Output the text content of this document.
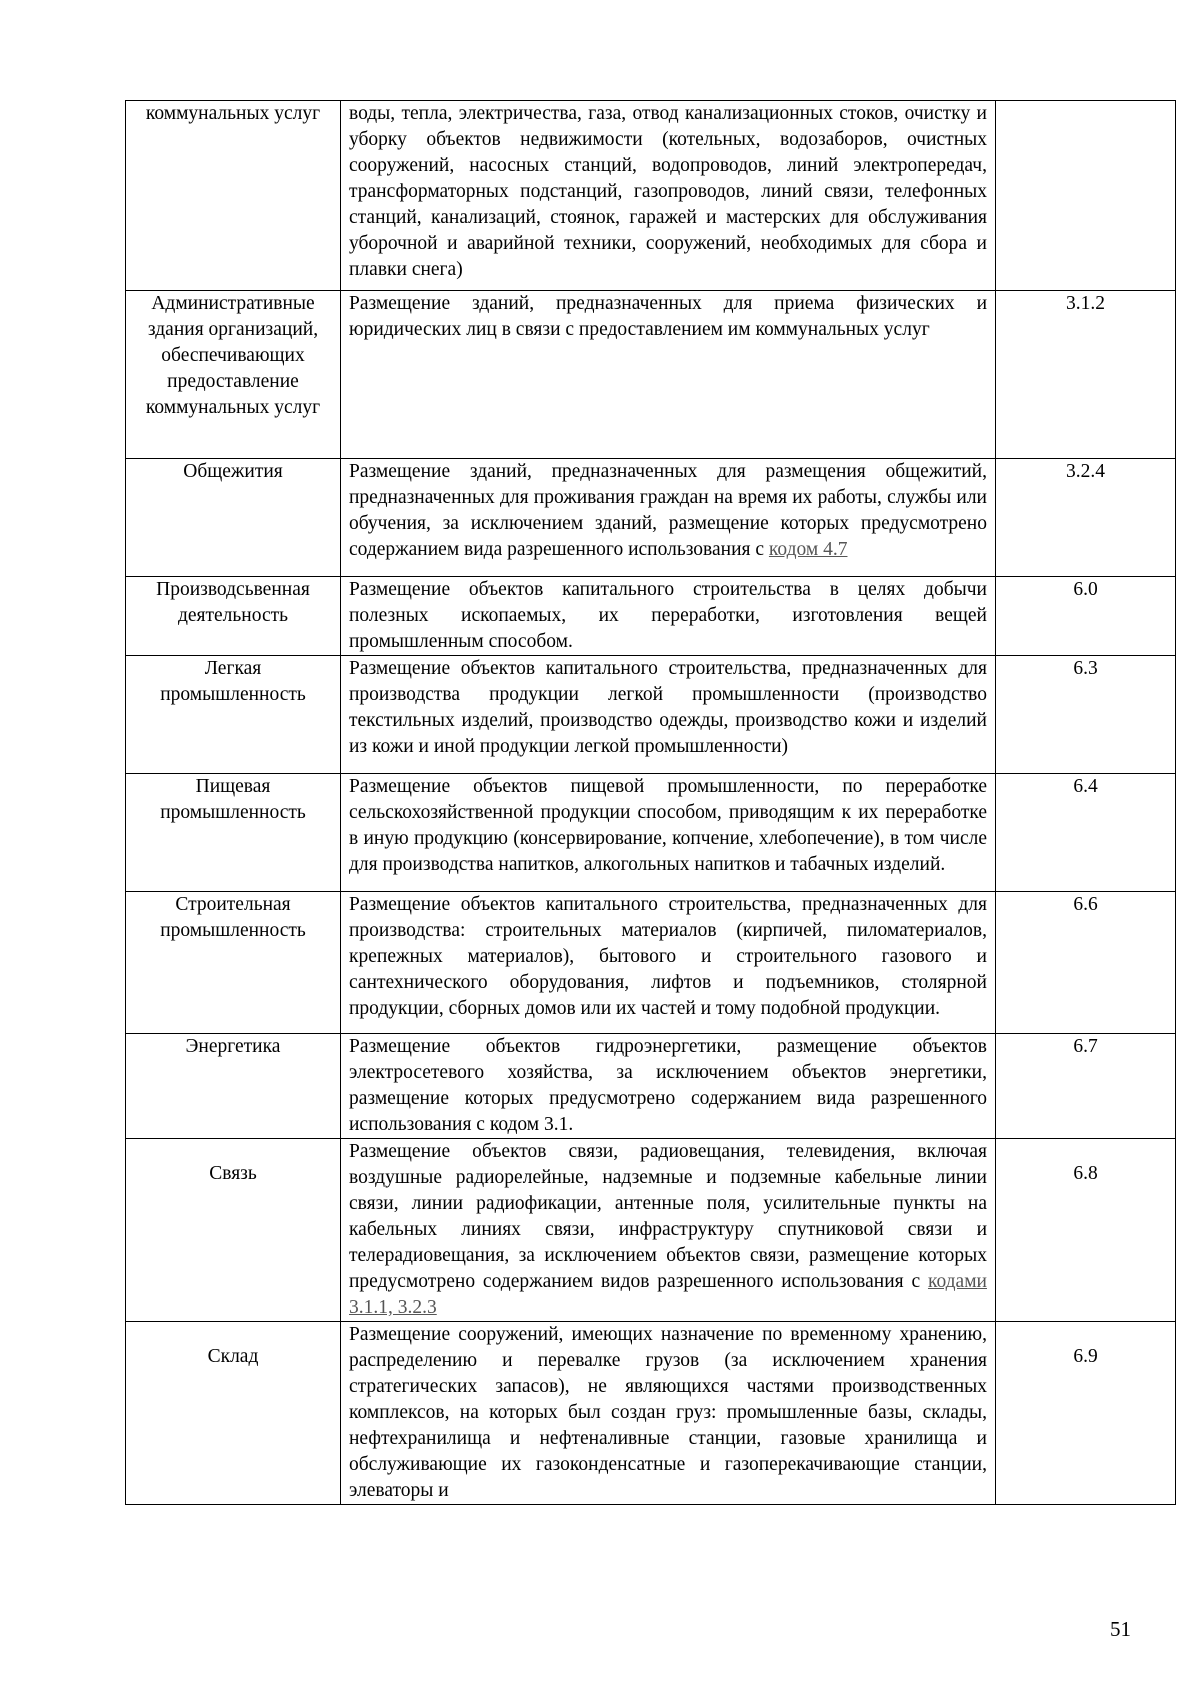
коммунальных услуг	воды, тепла, электричества, газа, отвод канализационных стоков, очистку и уборку объектов недвижимости (котельных, водозаборов, очистных сооружений, насосных станций, водопроводов, линий электропередач, трансформаторных подстанций, газопроводов, линий связи, телефонных станций, канализаций, стоянок, гаражей и мастерских для обслуживания уборочной и аварийной техники, сооружений, необходимых для сбора и плавки снега)	
Административные здания организаций, обеспечивающих предоставление коммунальных услуг	Размещение зданий, предназначенных для приема физических и юридических лиц в связи с предоставлением им коммунальных услуг	3.1.2
Общежития	Размещение зданий, предназначенных для размещения общежитий, предназначенных для проживания граждан на время их работы, службы или обучения, за исключением зданий, размещение которых предусмотрено содержанием вида разрешенного использования с кодом 4.7	3.2.4
Производсьвенная деятельность	Размещение объектов капитального строительства в целях добычи полезных ископаемых, их переработки, изготовления вещей промышленным способом.	6.0
Легкая промышленность	Размещение объектов капитального строительства, предназначенных для производства продукции легкой промышленности (производство текстильных изделий, производство одежды, производство кожи и изделий из кожи и иной продукции легкой промышленности)	6.3
Пищевая промышленность	Размещение объектов пищевой промышленности, по переработке сельскохозяйственной продукции способом, приводящим к их переработке в иную продукцию (консервирование, копчение, хлебопечение), в том числе для производства напитков, алкогольных напитков и табачных изделий.	6.4
Строительная промышленность	Размещение объектов капитального строительства, предназначенных для производства: строительных материалов (кирпичей, пиломатериалов, крепежных материалов), бытового и строительного газового и сантехнического оборудования, лифтов и подъемников, столярной продукции, сборных домов или их частей и тому подобной продукции.	6.6
Энергетика	Размещение объектов гидроэнергетики, размещение объектов электросетевого хозяйства, за исключением объектов энергетики, размещение которых предусмотрено содержанием вида разрешенного использования с кодом 3.1.	6.7
Связь	Размещение объектов связи, радиовещания, телевидения, включая воздушные радиорелейные, надземные и подземные кабельные линии связи, линии радиофикации, антенные поля, усилительные пункты на кабельных линиях связи, инфраструктуру спутниковой связи и телерадиовещания, за исключением объектов связи, размещение которых предусмотрено содержанием видов разрешенного использования с кодами 3.1.1, 3.2.3	6.8
Склад	Размещение сооружений, имеющих назначение по временному хранению, распределению и перевалке грузов (за исключением хранения стратегических запасов), не являющихся частями производственных комплексов, на которых был создан груз: промышленные базы, склады, нефтехранилища и нефтеналивные станции, газовые хранилища и обслуживающие их газоконденсатные и газоперекачивающие станции, элеваторы и	6.9
51
